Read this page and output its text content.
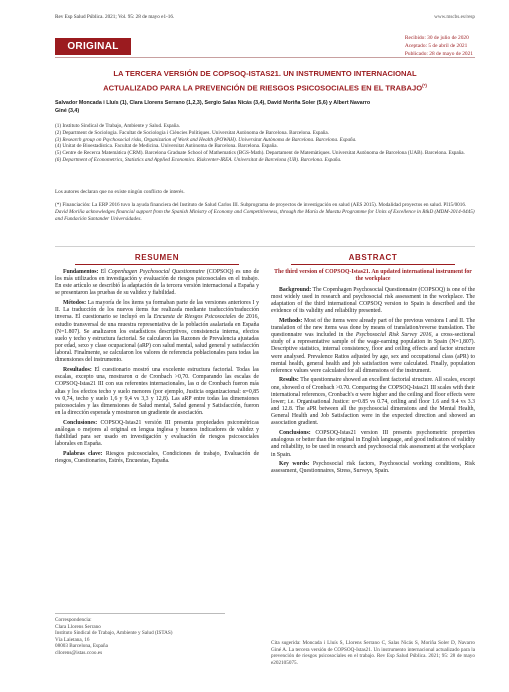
Rev Esp Salud Pública. 2021; Vol. 95: 28 de mayo e1-16.	www.mscbs.es/resp
ORIGINAL
Recibido: 30 de julio de 2020
Aceptado: 5 de abril de 2021
Publicado: 28 de mayo de 2021
LA TERCERA VERSIÓN DE COPSOQ-ISTAS21. UN INSTRUMENTO INTERNACIONAL
ACTUALIZADO PARA LA PREVENCIÓN DE RIESGOS PSICOSOCIALES EN EL TRABAJO(*)
Salvador Moncada i Lluís (1), Clara Llorens Serrano (1,2,3), Sergio Salas Nicás (3,4), David Moriña Soler (5,6) y Albert Navarro
Giné (3,4)
(1) Instituto Sindical de Trabajo, Ambiente y Salud. España.
(2) Department de Sociologia. Facultat de Sociologia i Ciències Polítiques. Universitat Autònoma de Barcelona. Barcelona. España.
(3) Research group on Psychosocial risks, Organization of Work and Health (POWAH). Universitat Autònoma de Barcelona. Barcelona. España.
(4) Unitat de Bioestadística. Facultat de Medicina. Universitat Autònoma de Barcelona. Barcelona. España.
(5) Centre de Recerca Matemàtica (CRM). Barcelona Graduate School of Mathematics (BGS-Math). Departament de Matemàtiques. Universitat Autònoma de Barcelona (UAB). Barcelona. España.
(6) Department of Econometrics, Statistics and Applied Economics. Riskcenter-IREA. Universitat de Barcelona (UB). Barcelona. España.
Los autores declaran que no existe ningún conflicto de interés.
(*) Financiación: La ERP 2016 tuvo la ayuda financiera del Instituto de Salud Carlos III. Subprograma de proyectos de investigación en salud (AES 2015). Modalidad proyectos en salud. PI15/0016. David Moriña acknowledges financial support from the Spanish Ministry of Economy and Competitiveness, through the María de Maeztu Programme for Units of Excellence in R&D (MDM-2014-0445) and Fundación Santander Universidades.
RESUMEN

Fundamentos: El Copenhagen Psychosocial Questionnaire (COPSOQ) es uno de los más utilizados en investigación y evaluación de riesgos psicosociales en el trabajo. En este artículo se describió la adaptación de la tercera versión internacional a España y se presentaron las pruebas de su validez y fiabilidad.

Métodos: La mayoría de los ítems ya formaban parte de las versiones anteriores I y II. La traducción de los nuevos ítems fue realizada mediante traducción/traducción inversa. El cuestionario se incluyó en la Encuesta de Riesgos Psicosociales de 2016, estudio transversal de una muestra representativa de la población asalariada en España (N=1.807). Se analizaron los estadísticos descriptivos, consistencia interna, efectos suelo y techo y estructura factorial. Se calcularon las Razones de Prevalencia ajustadas por edad, sexo y clase ocupacional (aRP) con salud mental, salud general y satisfacción laboral. Finalmente, se calcularon los valores de referencia poblacionales para todas las dimensiones del instrumento.

Resultados: El cuestionario mostró una excelente estructura factorial. Todas las escalas, excepto una, mostraron α de Cronbach >0,70. Comparando las escalas de COPSOQ-Istas21 III con sus referentes internacionales, las α de Cronbach fueron más altas y los efectos techo y suelo menores (por ejemplo, Justicia organizacional: α=0,85 vs 0,74, techo y suelo 1,6 y 9,4 vs 3,3 y 12,8). Las aRP entre todas las dimensiones psicosociales y las dimensiones de Salud mental, Salud general y Satisfacción, fueron en la dirección esperada y mostraron un gradiente de asociación.

Conclusiones: COPSOQ-Istas21 versión III presenta propiedades psicométricas análogas o mejores al original en lengua inglesa y buenos indicadores de validez y fiabilidad para ser usado en investigación y evaluación de riesgos psicosociales laborales en España.

Palabras clave: Riesgos psicosociales, Condiciones de trabajo, Evaluación de riesgos, Cuestionarios, Estrés, Encuestas, España.

ABSTRACT
The third version of COPSOQ-Istas21. An updated international instrument for the workplace

Background: The Copenhagen Psychosocial Questionnaire (COPSOQ) is one of the most widely used in research and psychosocial risk assessment in the workplace. The adaptation of the third international COPSOQ version to Spain is described and the evidence of its validity and reliability presented.

Methods: Most of the items were already part of the previous versions I and II. The translation of the new items was done by means of translation/reverse translation. The questionnaire was included in the Psychosocial Risk Survey 2016, a cross-sectional study of a representative sample of the wage-earning population in Spain (N=1,807). Descriptive statistics, internal consistency, floor and ceiling effects and factor structure were analysed. Prevalence Ratios adjusted by age, sex and occupational class (aPR) to mental health, general health and job satisfaction were calculated. Finally, population reference values were calculated for all dimensions of the instrument.

Results: The questionnaire showed an excellent factorial structure. All scales, except one, showed α of Cronbach >0.70. Comparing the COPSOQ-Istas21 III scales with their international references, Cronbach's α were higher and the ceiling and floor effects were lower; i.e. Organisational Justice: α=0.85 vs 0.74, ceiling and floor 1.6 and 9.4 vs 3.3 and 12.8. The aPR between all the psychosocial dimensions and the Mental Health, General Health and Job Satisfaction were in the expected direction and showed an association gradient.

Conclusions: COPSOQ-Istas21 version III presents psychometric properties analogous or better than the original in English language, and good indicators of validity and reliability, to be used in research and psychosocial risk assessment at the workplace in Spain.

Key words: Psychosocial risk factors, Psychosocial working conditions, Risk assessment, Questionnaires, Stress, Surveys, Spain.

Correspondencia:
Clara Llorens Serrano
Instituto Sindical de Trabajo, Ambiente y Salud (ISTAS)
Vía Laietana, 16
08003 Barcelona, España
cllorens@istas.ccoo.es
Cita sugerida: Moncada i Lluís S, Llorens Serrano C, Salas Nicás S, Moriña Soler D, Navarro Giné A. La tercera versión de COPSOQ-Istas21. Un instrumento internacional actualizado para la prevención de riesgos psicosociales en el trabajo. Rev Esp Salud Pública. 2021; 95: 28 de mayo e202105075.
